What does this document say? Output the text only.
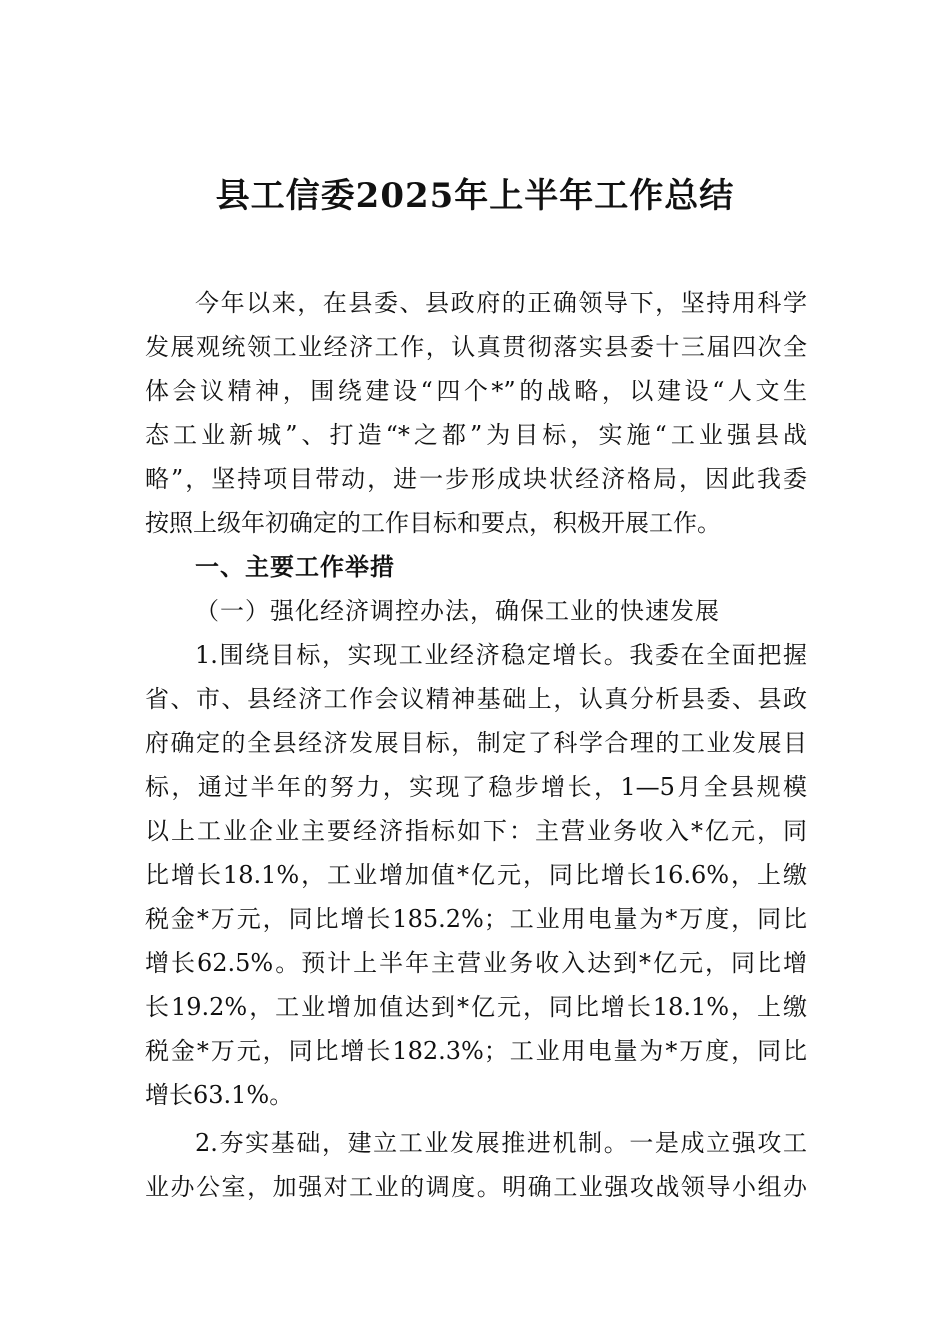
县工信委2025年上半年工作总结
今年以来，在县委、县政府的正确领导下，坚持用科学
发展观统领工业经济工作，认真贯彻落实县委十三届四次全
体会议精神，围绕建设“四个*”的战略，以建设“人文生
态工业新城”、打造“*之都”为目标，实施“工业强县战
略”，坚持项目带动，进一步形成块状经济格局，因此我委
按照上级年初确定的工作目标和要点，积极开展工作。
一、主要工作举措
（一）强化经济调控办法，确保工业的快速发展
1.围绕目标，实现工业经济稳定增长。我委在全面把握
省、市、县经济工作会议精神基础上，认真分析县委、县政
府确定的全县经济发展目标，制定了科学合理的工业发展目
标，通过半年的努力，实现了稳步增长，1—5月全县规模
以上工业企业主要经济指标如下：主营业务收入*亿元，同
比增长18.1%，工业增加值*亿元，同比增长16.6%，上缴
税金*万元，同比增长185.2%；工业用电量为*万度，同比
增长62.5%。预计上半年主营业务收入达到*亿元，同比增
长19.2%，工业增加值达到*亿元，同比增长18.1%，上缴
税金*万元，同比增长182.3%；工业用电量为*万度，同比
增长63.1%。
2.夯实基础，建立工业发展推进机制。一是成立强攻工
业办公室，加强对工业的调度。明确工业强攻战领导小组办
